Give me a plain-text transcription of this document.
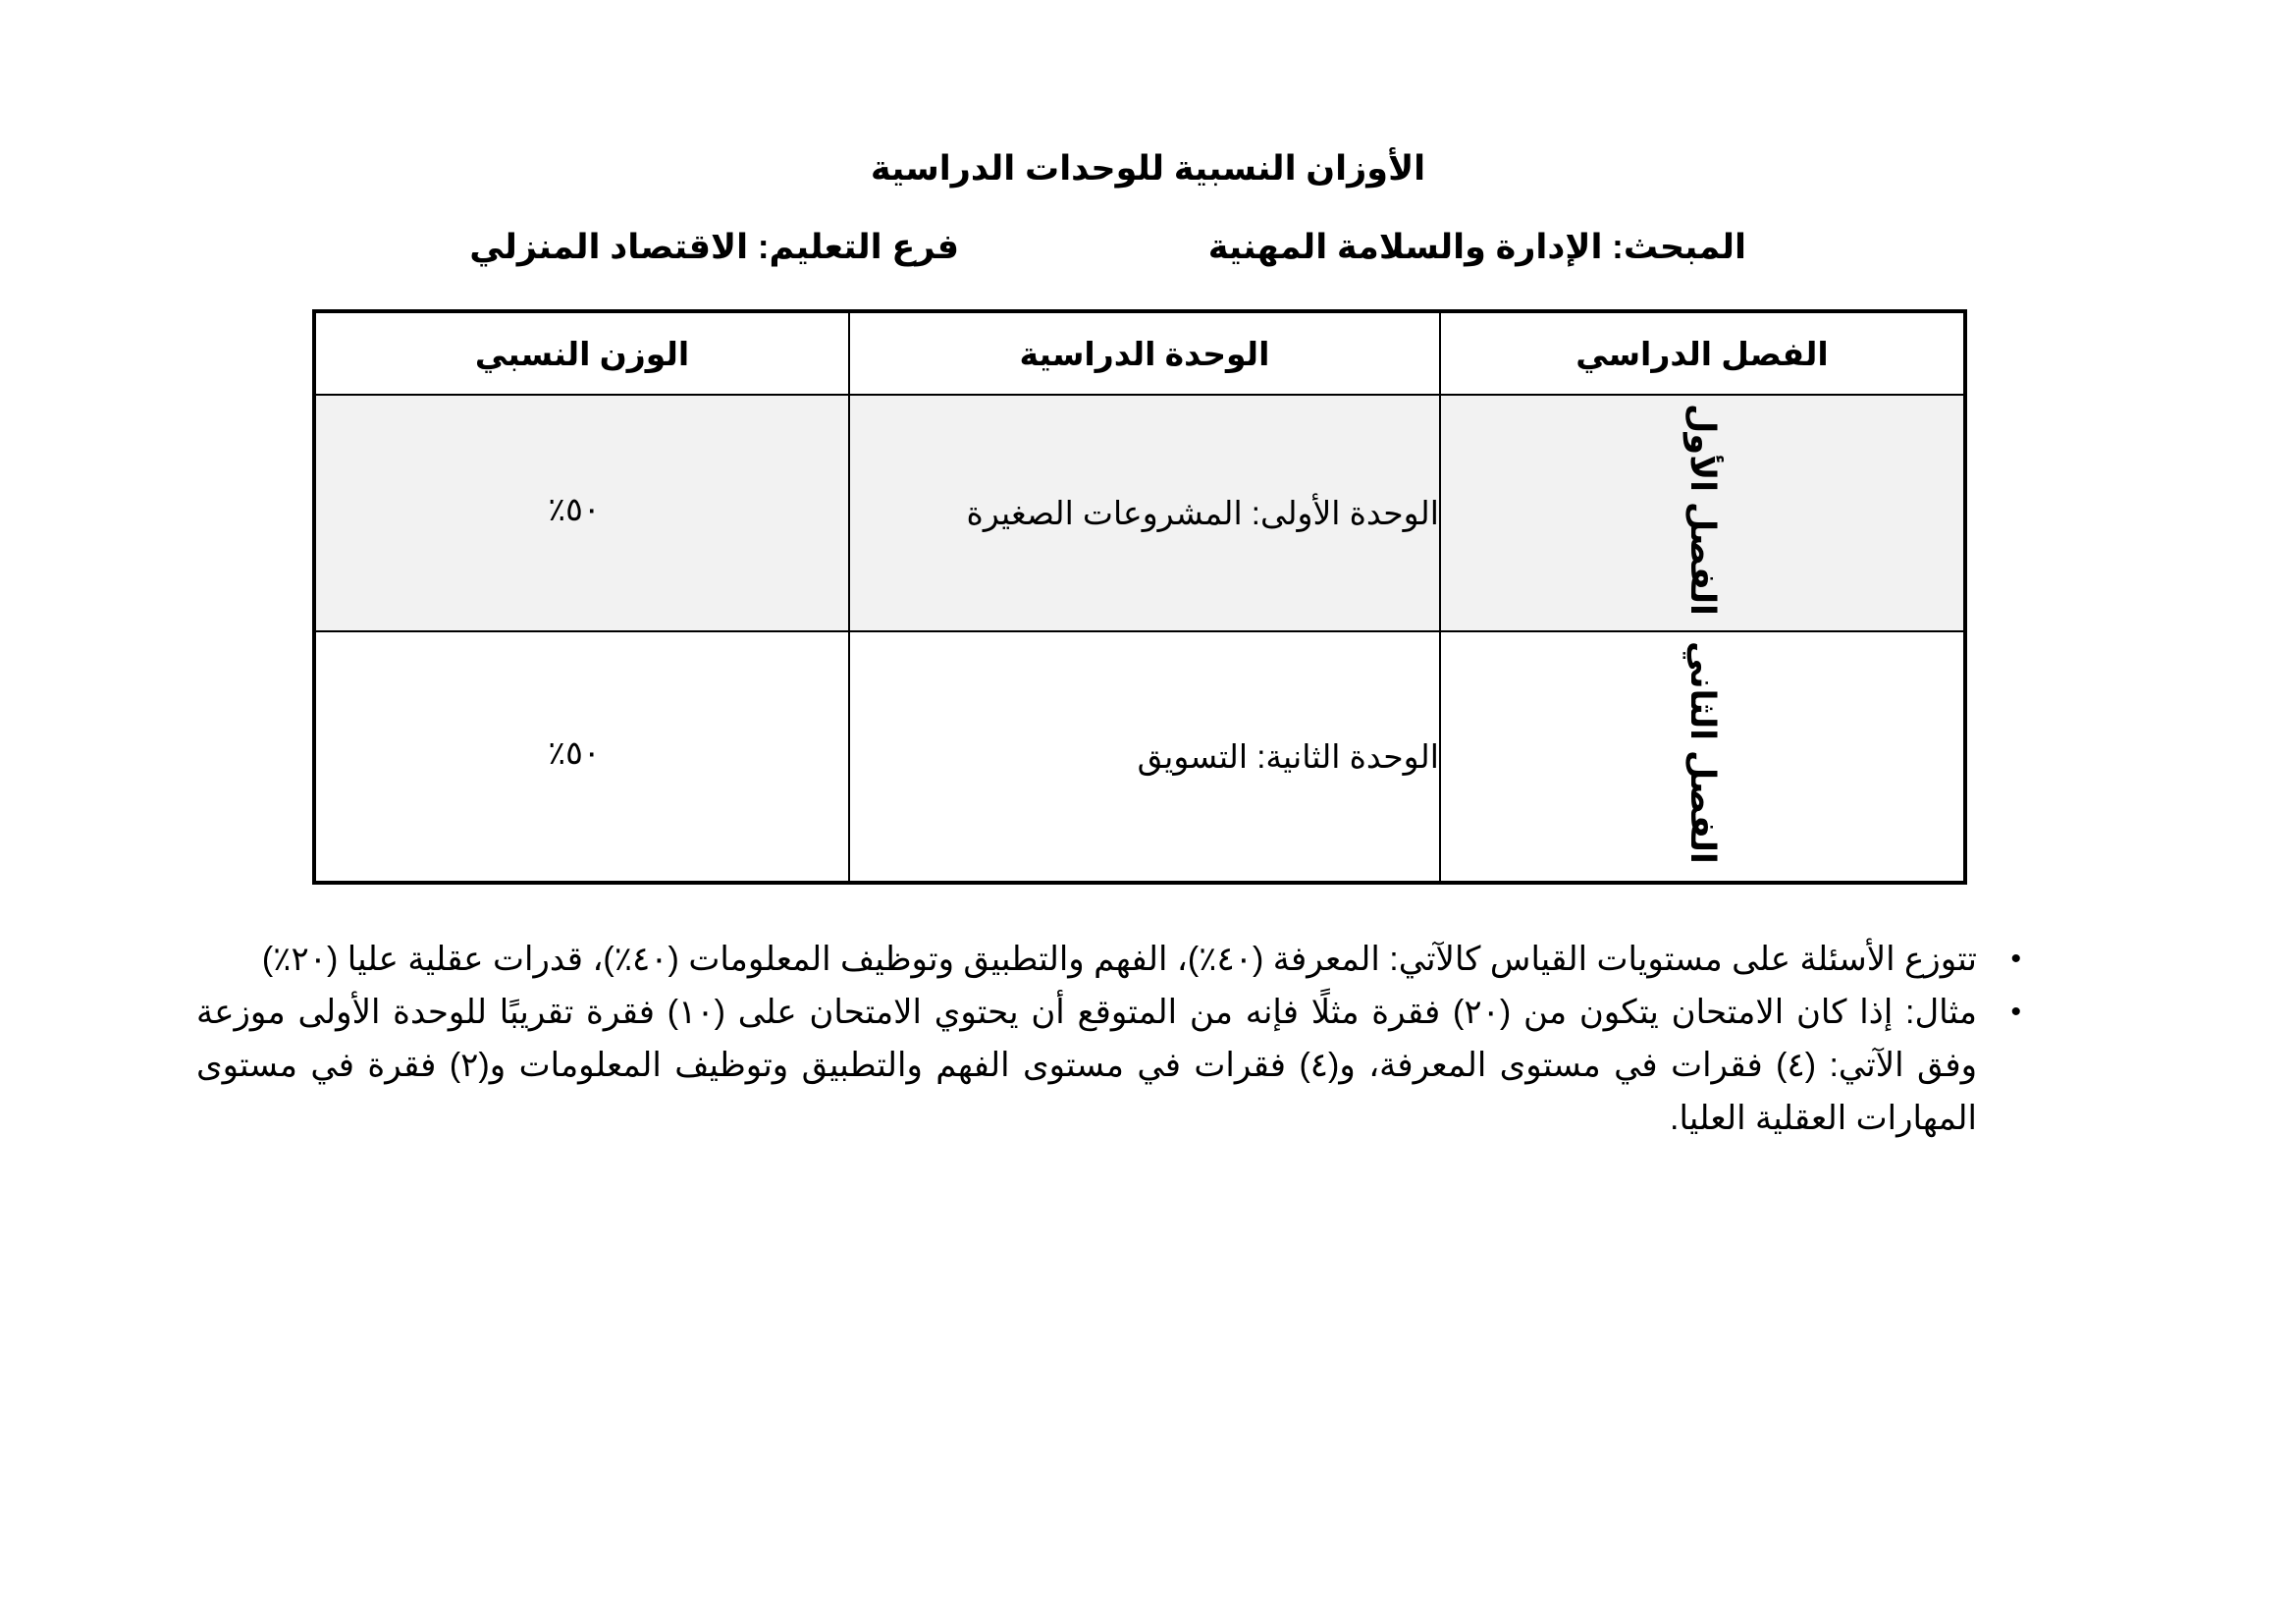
الأوزان النسبية للوحدات الدراسية
المبحث: الإدارة والسلامة المهنية
فرع التعليم: الاقتصاد المنزلي
الفصل الدراسي	الوحدة الدراسية	الوزن النسبي
الفصل الأول	الوحدة الأولى: المشروعات الصغيرة	٥٠٪
الفصل الثاني	الوحدة الثانية: التسويق	٥٠٪
•
تتوزع الأسئلة على مستويات القياس كالآتي: المعرفة (٤٠٪)، الفهم والتطبيق وتوظيف المعلومات (٤٠٪)، قدرات عقلية عليا (٢٠٪)
•
مثال: إذا كان الامتحان يتكون من (٢٠) فقرة مثلًا فإنه من المتوقع أن يحتوي الامتحان على (١٠) فقرة تقريبًا للوحدة الأولى موزعة وفق الآتي: (٤) فقرات في مستوى المعرفة، و(٤) فقرات في مستوى الفهم والتطبيق وتوظيف المعلومات و(٢) فقرة في مستوى المهارات العقلية العليا.
